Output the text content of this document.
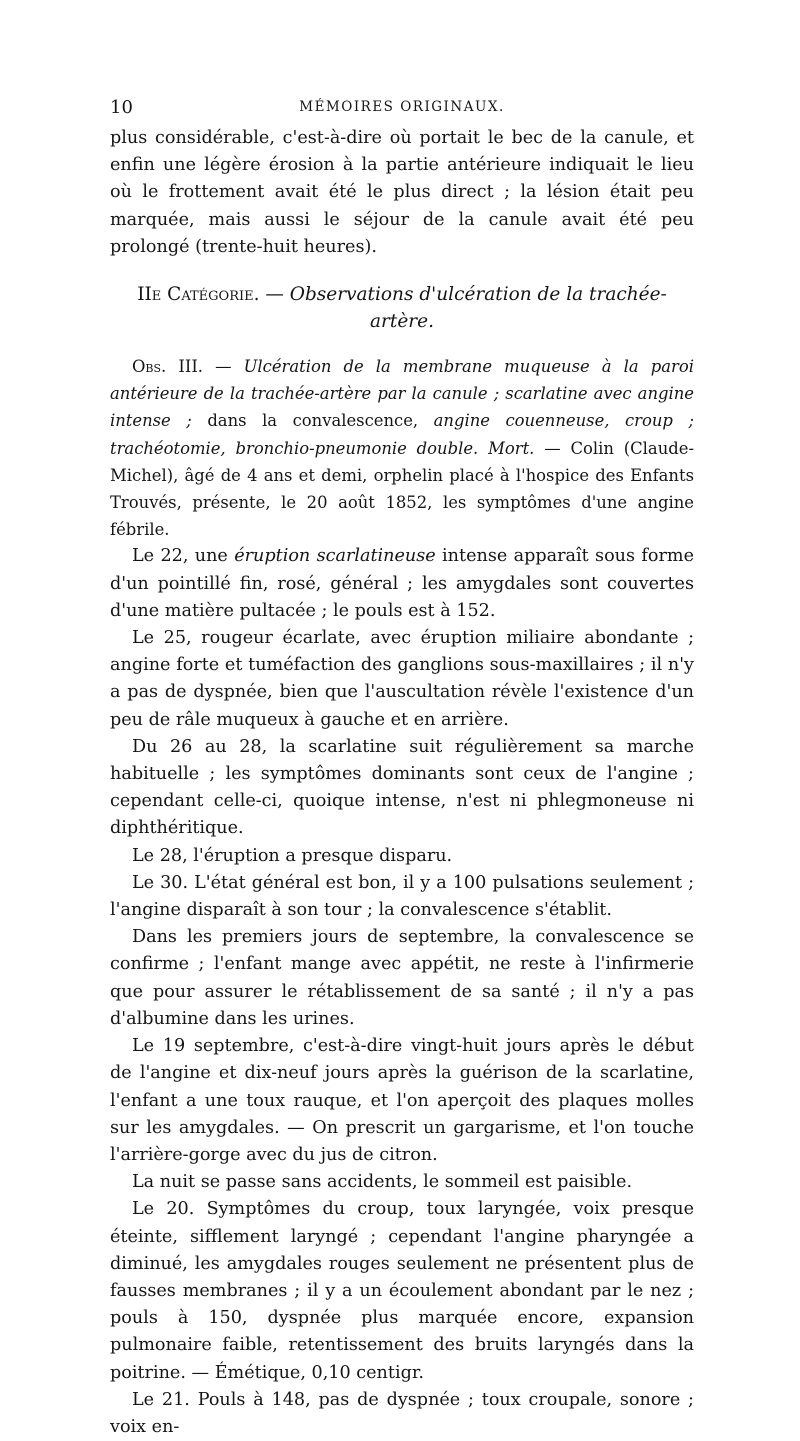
10	MÉMOIRES ORIGINAUX.

plus considérable, c'est-à-dire où portait le bec de la canule, et enfin une légère érosion à la partie antérieure indiquait le lieu où le frottement avait été le plus direct ; la lésion était peu marquée, mais aussi le séjour de la canule avait été peu prolongé (trente-huit heures).

IIe Catégorie. — Observations d'ulcération de la trachée-artère.

Obs. III. — Ulcération de la membrane muqueuse à la paroi antérieure de la trachée-artère par la canule ; scarlatine avec angine intense ; dans la convalescence, angine couenneuse, croup ; trachéotomie, bronchio-pneumonie double. Mort. — Colin (Claude-Michel), âgé de 4 ans et demi, orphelin placé à l'hospice des Enfants Trouvés, présente, le 20 août 1852, les symptômes d'une angine fébrile.

Le 22, une éruption scarlatineuse intense apparaît sous forme d'un pointillé fin, rosé, général ; les amygdales sont couvertes d'une matière pultacée ; le pouls est à 152.

Le 25, rougeur écarlate, avec éruption miliaire abondante ; angine forte et tuméfaction des ganglions sous-maxillaires ; il n'y a pas de dyspnée, bien que l'auscultation révèle l'existence d'un peu de râle muqueux à gauche et en arrière.

Du 26 au 28, la scarlatine suit régulièrement sa marche habituelle ; les symptômes dominants sont ceux de l'angine ; cependant celle-ci, quoique intense, n'est ni phlegmoneuse ni diphthéritique.

Le 28, l'éruption a presque disparu.

Le 30. L'état général est bon, il y a 100 pulsations seulement ; l'angine disparaît à son tour ; la convalescence s'établit.

Dans les premiers jours de septembre, la convalescence se confirme ; l'enfant mange avec appétit, ne reste à l'infirmerie que pour assurer le rétablissement de sa santé ; il n'y a pas d'albumine dans les urines.

Le 19 septembre, c'est-à-dire vingt-huit jours après le début de l'angine et dix-neuf jours après la guérison de la scarlatine, l'enfant a une toux rauque, et l'on aperçoit des plaques molles sur les amygdales. — On prescrit un gargarisme, et l'on touche l'arrière-gorge avec du jus de citron.

La nuit se passe sans accidents, le sommeil est paisible.

Le 20. Symptômes du croup, toux laryngée, voix presque éteinte, sifflement laryngé ; cependant l'angine pharyngée a diminué, les amygdales rouges seulement ne présentent plus de fausses membranes ; il y a un écoulement abondant par le nez ; pouls à 150, dyspnée plus marquée encore, expansion pulmonaire faible, retentissement des bruits laryngés dans la poitrine. — Émétique, 0,10 centigr.

Le 21. Pouls à 148, pas de dyspnée ; toux croupale, sonore ; voix en-
